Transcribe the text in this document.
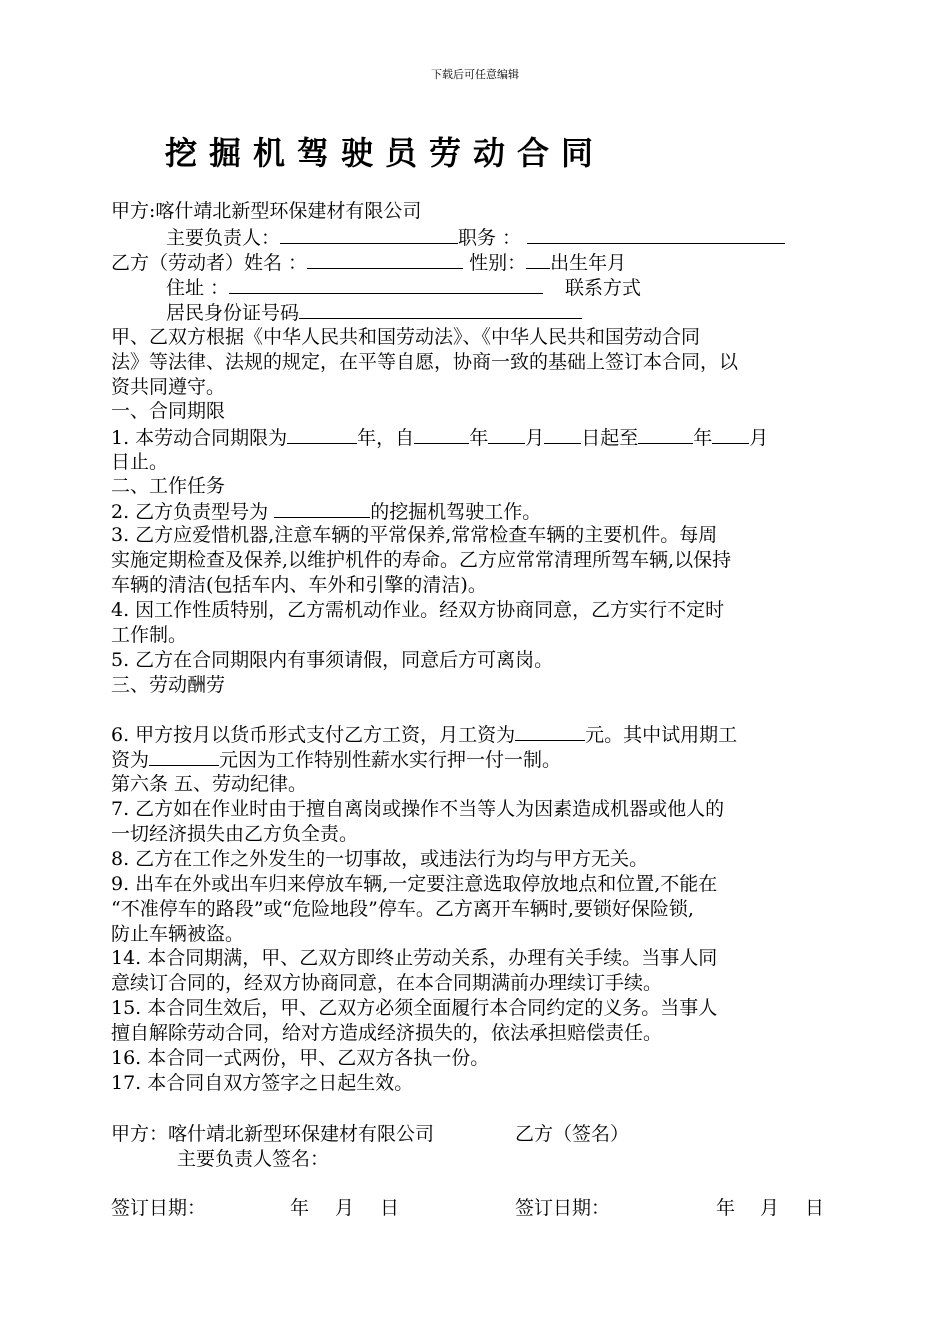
下载后可任意编辑
挖掘机驾驶员劳动合同
甲方:喀什靖北新型环保建材有限公司
主要负责人：	职务 ：
乙方（劳动者）姓名 ：	性别： 出生年月
住址 ：	联系方式
居民身份证号码
甲、乙双方根据《中华人民共和国劳动法》、《中华人民共和国劳动合同
法》等法律、法规的规定，在平等自愿，协商一致的基础上签订本合同，以
资共同遵守。
一、合同期限
1. 本劳动合同期限为	年，自	年 月 日起至	年 月
日止。
二、工作任务
2. 乙方负责型号为	的挖掘机驾驶工作。
3. 乙方应爱惜机器,注意车辆的平常保养,常常检查车辆的主要机件。每周
实施定期检查及保养,以维护机件的寿命。乙方应常常清理所驾车辆,以保持
车辆的清洁(包括车内、车外和引擎的清洁)。
4. 因工作性质特别，乙方需机动作业。经双方协商同意，乙方实行不定时
工作制。
5. 乙方在合同期限内有事须请假，同意后方可离岗。
三、劳动酬劳
6. 甲方按月以货币形式支付乙方工资，月工资为	元。其中试用期工
资为	元因为工作特别性薪水实行押一付一制。
第六条 五、劳动纪律。
7. 乙方如在作业时由于擅自离岗或操作不当等人为因素造成机器或他人的
一切经济损失由乙方负全责。
8. 乙方在工作之外发生的一切事故，或违法行为均与甲方无关。
9. 出车在外或出车归来停放车辆,一定要注意选取停放地点和位置,不能在
“不准停车的路段”或“危险地段”停车。乙方离开车辆时,要锁好保险锁,
防止车辆被盗。
14. 本合同期满，甲、乙双方即终止劳动关系，办理有关手续。当事人同
意续订合同的，经双方协商同意，在本合同期满前办理续订手续。
15. 本合同生效后，甲、乙双方必须全面履行本合同约定的义务。当事人
擅自解除劳动合同，给对方造成经济损失的，依法承担赔偿责任。
16. 本合同一式两份，甲、乙双方各执一份。
17. 本合同自双方签字之日起生效。
甲方：喀什靖北新型环保建材有限公司	乙方（签名）
主要负责人签名：
签订日期：	年 月 日	签订日期：	年 月 日
